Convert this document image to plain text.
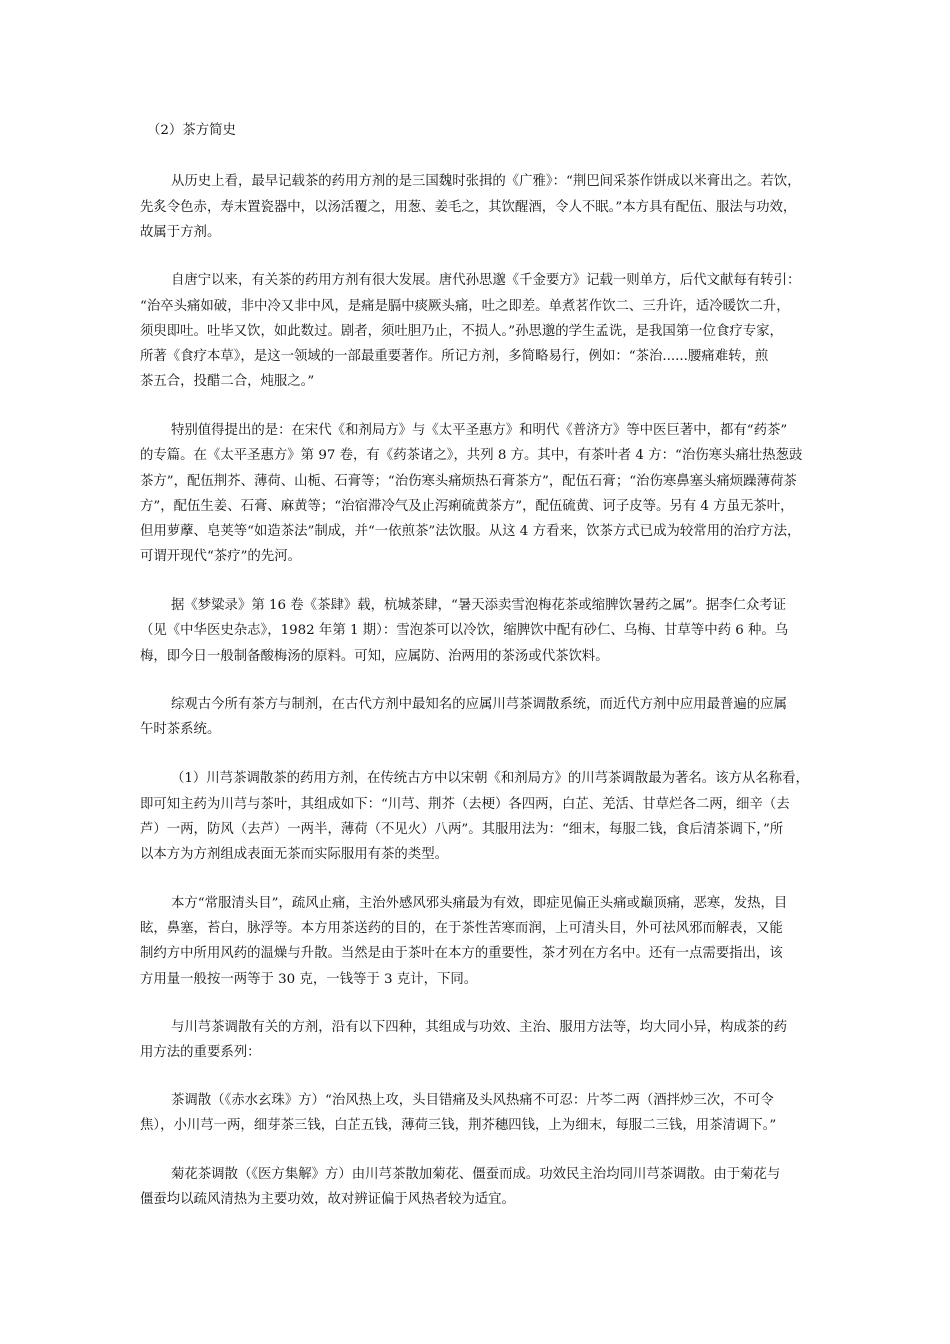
（2）茶方简史
从历史上看，最早记载茶的药用方剂的是三国魏时张揖的《广雅》：“荆巴间采茶作饼成以米膏出之。若饮，
先炙令色赤，寿末置瓷器中，以汤活覆之，用葱、姜毛之，其饮醒酒，令人不眠。”本方具有配伍、服法与功效，
故属于方剂。
自唐宁以来，有关茶的药用方剂有很大发展。唐代孙思邈《千金要方》记载一则单方，后代文献每有转引：
“治卒头痛如破，非中冷又非中风，是痛是膈中痰厥头痛，吐之即差。单煮茗作饮二、三升许，适冷暖饮二升，
须臾即吐。吐毕又饮，如此数过。剧者，须吐胆乃止，不损人。”孙思邈的学生孟诜，是我国第一位食疗专家，
所著《食疗本草》，是这一领域的一部最重要著作。所记方剂，多简略易行，例如：“茶治......腰痛难转，煎
茶五合，投醋二合，炖服之。”
特别值得提出的是：在宋代《和剂局方》与《太平圣惠方》和明代《普济方》等中医巨著中，都有“药茶”
的专篇。在《太平圣惠方》第 97 卷，有《药茶诸之》，共列 8 方。其中，有茶叶者 4 方：“治伤寒头痛壮热葱豉
茶方”，配伍荆芥、薄荷、山栀、石膏等；“治伤寒头痛烦热石膏茶方”，配伍石膏；“治伤寒鼻塞头痛烦躁薄荷茶
方”，配伍生姜、石膏、麻黄等；“治宿滞冷气及止泻痢硫黄茶方”，配伍硫黄、诃子皮等。另有 4 方虽无茶叶，
但用萝藦、皂荚等“如造茶法”制成，并“一依煎茶”法饮服。从这 4 方看来，饮茶方式已成为较常用的治疗方法，
可谓开现代“茶疗”的先河。
据《梦粱录》第 16 卷《茶肆》载，杭城茶肆，“暑天添卖雪泡梅花茶或缩脾饮暑药之属”。据李仁众考证
（见《中华医史杂志》，1982 年第 1 期）：雪泡茶可以冷饮，缩脾饮中配有砂仁、乌梅、甘草等中药 6 种。乌
梅，即今日一般制备酸梅汤的原料。可知，应属防、治两用的茶汤或代茶饮料。
综观古今所有茶方与制剂，在古代方剂中最知名的应属川芎茶调散系统，而近代方剂中应用最普遍的应属
午时茶系统。
（1）川芎茶调散茶的药用方剂，在传统古方中以宋朝《和剂局方》的川芎茶调散最为著名。该方从名称看，
即可知主药为川芎与茶叶，其组成如下：“川芎、荆芥（去梗）各四两，白芷、羌活、甘草烂各二两，细辛（去
芦）一两，防风（去芦）一两半，薄荷（不见火）八两”。其服用法为：“细末，每服二钱，食后清茶调下，”所
以本方为方剂组成表面无茶而实际服用有茶的类型。
本方“常服清头目”，疏风止痛，主治外感风邪头痛最为有效，即症见偏正头痛或巅顶痛，恶寒，发热，目
眩，鼻塞，苔白，脉浮等。本方用茶送药的目的，在于茶性苦寒而润，上可清头目，外可祛风邪而解表，又能
制约方中所用风药的温燥与升散。当然是由于茶叶在本方的重要性，茶才列在方名中。还有一点需要指出，该
方用量一般按一两等于 30 克，一钱等于 3 克计，下同。
与川芎茶调散有关的方剂，沿有以下四种，其组成与功效、主治、服用方法等，均大同小异，构成茶的药
用方法的重要系列：
茶调散（《赤水玄珠》方）“治风热上攻，头目错痛及头风热痛不可忍：片芩二两（酒拌炒三次，不可令
焦），小川芎一两，细芽茶三钱，白芷五钱，薄荷三钱，荆芥穗四钱，上为细末，每服二三钱，用茶清调下。”
菊花茶调散（《医方集解》方）由川芎茶散加菊花、僵蚕而成。功效民主治均同川芎茶调散。由于菊花与
僵蚕均以疏风清热为主要功效，故对辨证偏于风热者较为适宜。
